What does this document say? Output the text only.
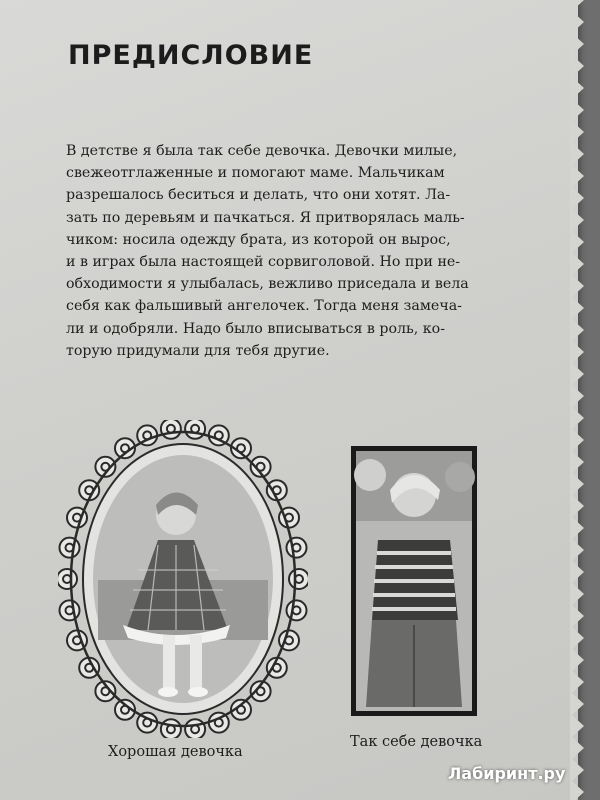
ПРЕДИСЛОВИЕ
В детстве я была так себе девочка. Девочки милые,
свежеотглаженные и помогают маме. Мальчикам
разрешалось беситься и делать, что они хотят. Ла-
зать по деревьям и пачкаться. Я притворялась маль-
чиком: носила одежду брата, из которой он вырос,
и в играх была настоящей сорвиголовой. Но при не-
обходимости я улыбалась, вежливо приседала и вела
себя как фальшивый ангелочек. Тогда меня замеча-
ли и одобряли. Надо было вписываться в роль, ко-
торую придумали для тебя другие.
Хорошая девочка
Так себе девочка
Лабиринт.ру
